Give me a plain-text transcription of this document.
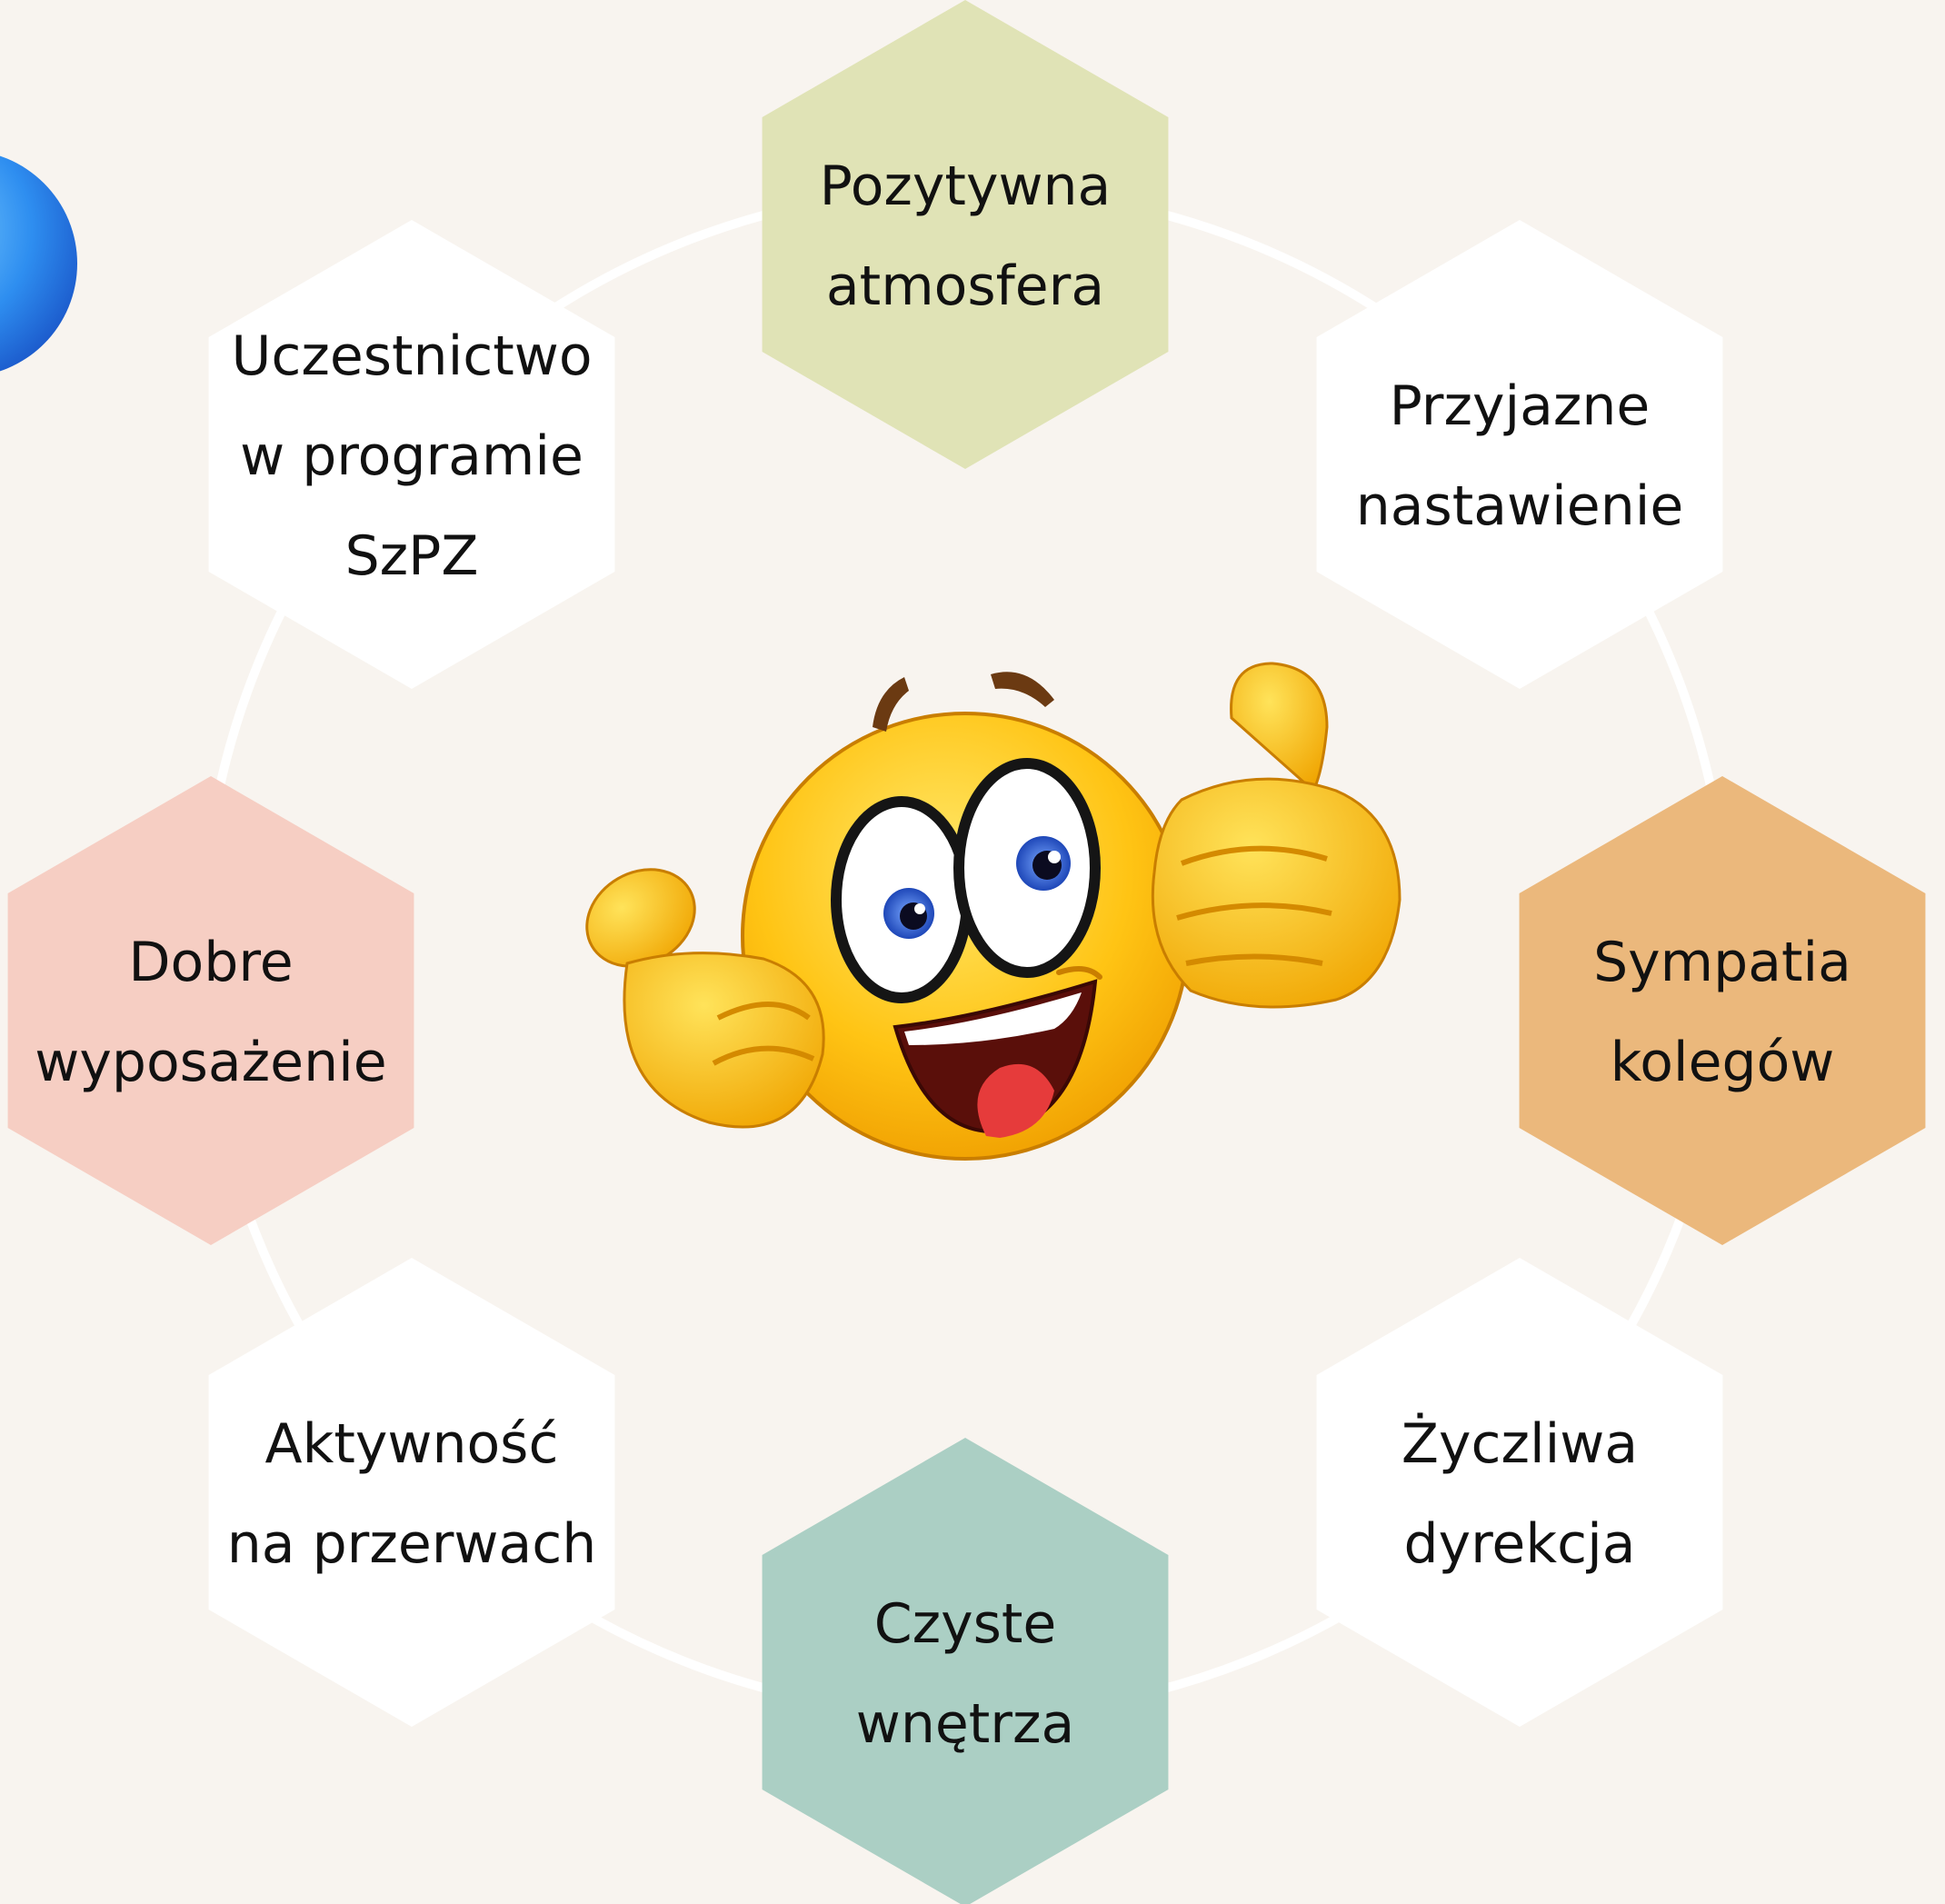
Pozytywna
atmosfera
Przyjazne
nastawienie
Sympatia
kolegów
Życzliwa
dyrekcja
Czyste
wnętrza
Aktywność
na przerwach
Dobre
wyposażenie
Uczestnictwo
w programie
SzPZ
